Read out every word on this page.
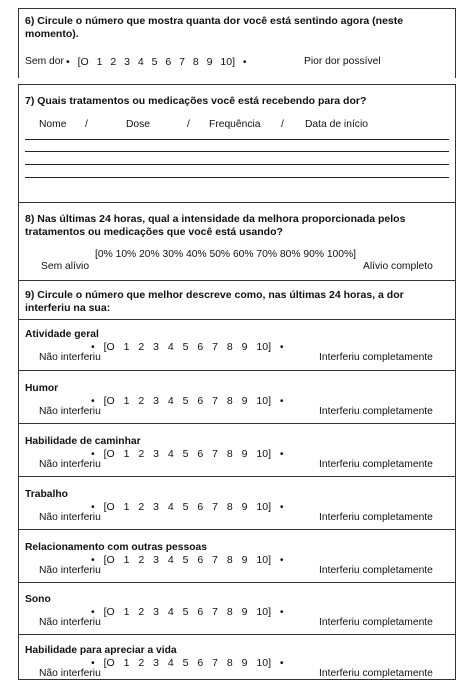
6) Circule o número que mostra quanta dor você está sentindo agora (neste momento).
Sem dor • [O 1 2 3 4 5 6 7 8 9 10] •	Pior dor possível
7) Quais tratamentos ou medicações você está recebendo para dor?
Nome /	Dose	/ Frequência / Data de início
8) Nas últimas 24 horas, qual a intensidade da melhora proporcionada pelos tratamentos ou medicações que você está usando?
[0% 10% 20% 30% 40% 50% 60% 70% 80% 90% 100%]
Sem alívio	Alívio completo
9) Circule o número que melhor descreve como, nas últimas 24 horas, a dor interferiu na sua:
Atividade geral
• [O 1 2 3 4 5 6 7 8 9 10] •
Não interferiu	Interferiu completamente
Humor
• [O 1 2 3 4 5 6 7 8 9 10] •
Não interferiu	Interferiu completamente
Habilidade de caminhar
• [O 1 2 3 4 5 6 7 8 9 10] •
Não interferiu	Interferiu completamente
Trabalho
• [O 1 2 3 4 5 6 7 8 9 10] •
Não interferiu	Interferiu completamente
Relacionamento com outras pessoas
• [O 1 2 3 4 5 6 7 8 9 10] •
Não interferiu	Interferiu completamente
Sono
• [O 1 2 3 4 5 6 7 8 9 10] •
Não interferiu	Interferiu completamente
Habilidade para apreciar a vida
• [O 1 2 3 4 5 6 7 8 9 10] •
Não interferiu	Interferiu completamente
